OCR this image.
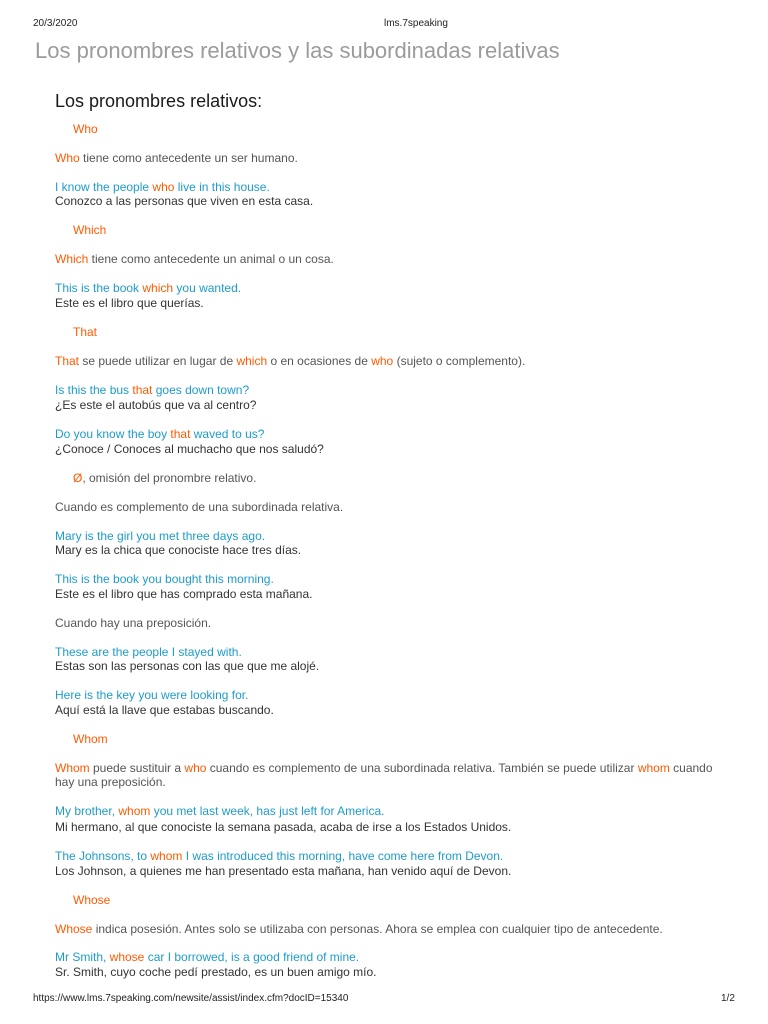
20/3/2020	lms.7speaking
Los pronombres relativos y las subordinadas relativas
Los pronombres relativos:
Who
Who tiene como antecedente un ser humano.
I know the people who live in this house.
Conozco a las personas que viven en esta casa.
Which
Which tiene como antecedente un animal o un cosa.
This is the book which you wanted.
Este es el libro que querías.
That
That se puede utilizar en lugar de which o en ocasiones de who (sujeto o complemento).
Is this the bus that goes down town?
¿Es este el autobús que va al centro?
Do you know the boy that waved to us?
¿Conoce / Conoces al muchacho que nos saludó?
Ø, omisión del pronombre relativo.
Cuando es complemento de una subordinada relativa.
Mary is the girl you met three days ago.
Mary es la chica que conociste hace tres días.
This is the book you bought this morning.
Este es el libro que has comprado esta mañana.
Cuando hay una preposición.
These are the people I stayed with.
Estas son las personas con las que que me alojé.
Here is the key you were looking for.
Aquí está la llave que estabas buscando.
Whom
Whom puede sustituir a who cuando es complemento de una subordinada relativa. También se puede utilizar whom cuando
hay una preposición.
My brother, whom you met last week, has just left for America.
Mi hermano, al que conociste la semana pasada, acaba de irse a los Estados Unidos.
The Johnsons, to whom I was introduced this morning, have come here from Devon.
Los Johnson, a quienes me han presentado esta mañana, han venido aquí de Devon.
Whose
Whose indica posesión. Antes solo se utilizaba con personas. Ahora se emplea con cualquier tipo de antecedente.
Mr Smith, whose car I borrowed, is a good friend of mine.
Sr. Smith, cuyo coche pedí prestado, es un buen amigo mío.
https://www.lms.7speaking.com/newsite/assist/index.cfm?docID=15340	1/2
